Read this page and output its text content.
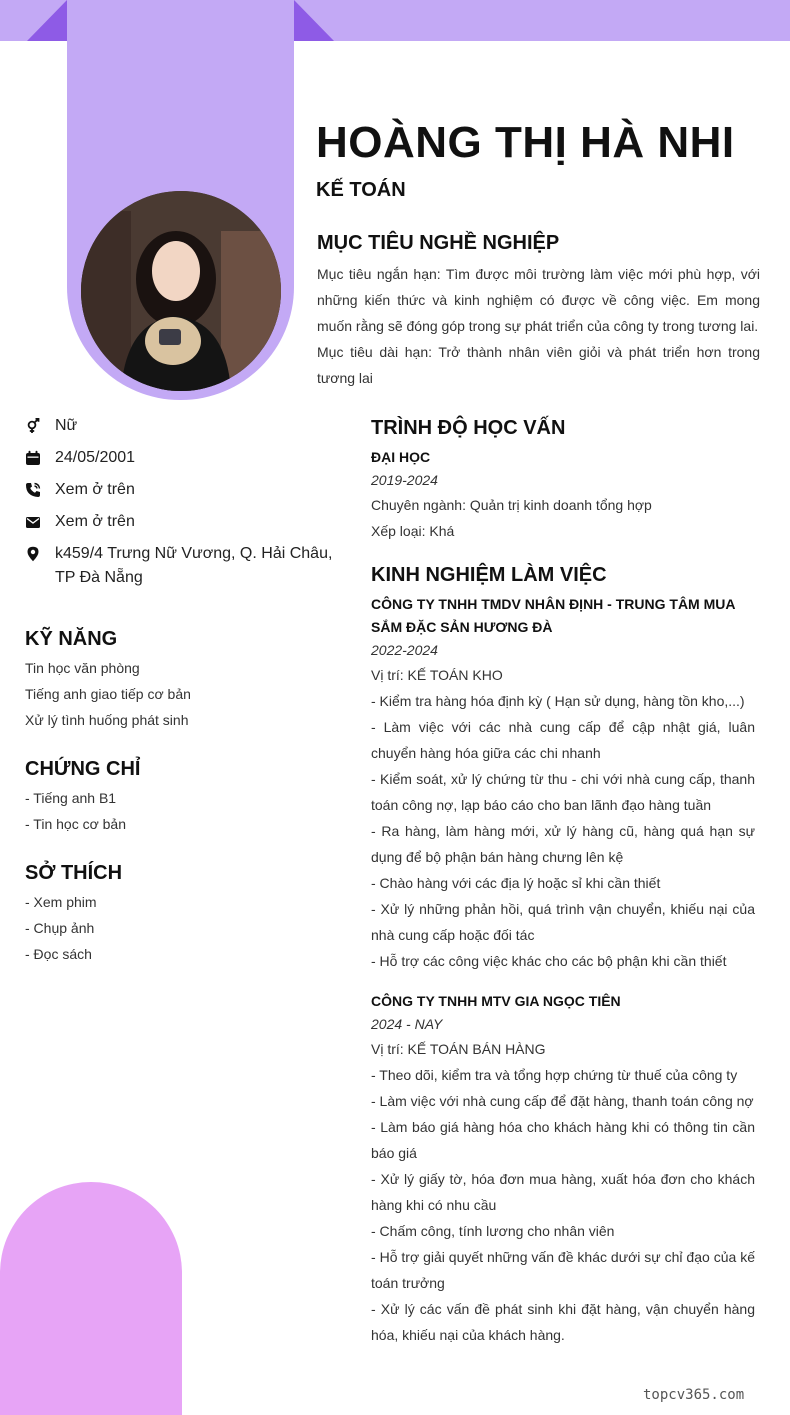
HOÀNG THỊ HÀ NHI
KẾ TOÁN
MỤC TIÊU NGHỀ NGHIỆP
Mục tiêu ngắn hạn: Tìm được môi trường làm việc mới phù hợp, với những kiến thức và kinh nghiệm có được về công việc. Em mong muốn rằng sẽ đóng góp trong sự phát triển của công ty trong tương lai.
Mục tiêu dài hạn: Trở thành nhân viên giỏi và phát triển hơn trong tương lai
Nữ
24/05/2001
Xem ở trên
Xem ở trên
k459/4 Trưng Nữ Vương, Q. Hải Châu, TP Đà Nẵng
KỸ NĂNG
Tin học văn phòng
Tiếng anh giao tiếp cơ bản
Xử lý tình huống phát sinh
CHỨNG CHỈ
- Tiếng anh B1
- Tin học cơ bản
SỞ THÍCH
- Xem phim
- Chụp ảnh
- Đọc sách
TRÌNH ĐỘ HỌC VẤN
ĐẠI HỌC
2019-2024
Chuyên ngành: Quản trị kinh doanh tổng hợp
Xếp loại: Khá
KINH NGHIỆM LÀM VIỆC
CÔNG TY TNHH TMDV NHÂN ĐỊNH - TRUNG TÂM MUA SẮM ĐẶC SẢN HƯƠNG ĐÀ
2022-2024
Vị trí: KẾ TOÁN KHO
- Kiểm tra hàng hóa định kỳ ( Hạn sử dụng, hàng tồn kho,...)
- Làm việc với các nhà cung cấp để cập nhật giá, luân chuyển hàng hóa giữa các chi nhanh
- Kiểm soát, xử lý chứng từ thu - chi với nhà cung cấp, thanh toán công nợ, lạp báo cáo cho ban lãnh đạo hàng tuần
- Ra hàng, làm hàng mới, xử lý hàng cũ, hàng quá hạn sự dụng để bộ phận bán hàng chưng lên kệ
- Chào hàng với các địa lý hoặc sỉ khi cần thiết
- Xử lý những phản hồi, quá trình vận chuyển, khiếu nại của nhà cung cấp hoặc đối tác
- Hỗ trợ các công việc khác cho các bộ phận khi cần thiết
CÔNG TY TNHH MTV GIA NGỌC TIÊN
2024 - NAY
Vị trí: KẾ TOÁN BÁN HÀNG
- Theo dõi, kiểm tra và tổng hợp chứng từ thuế của công ty
- Làm việc với nhà cung cấp để đặt hàng, thanh toán công nợ
- Làm báo giá hàng hóa cho khách hàng khi có thông tin cần báo giá
- Xử lý giấy tờ, hóa đơn mua hàng, xuất hóa đơn cho khách hàng khi có nhu cầu
- Chấm công, tính lương cho nhân viên
- Hỗ trợ giải quyết những vấn đề khác dưới sự chỉ đạo của kế toán trưởng
- Xử lý các vấn đề phát sinh khi đặt hàng, vận chuyển hàng hóa, khiếu nại của khách hàng.
topcv365.com
